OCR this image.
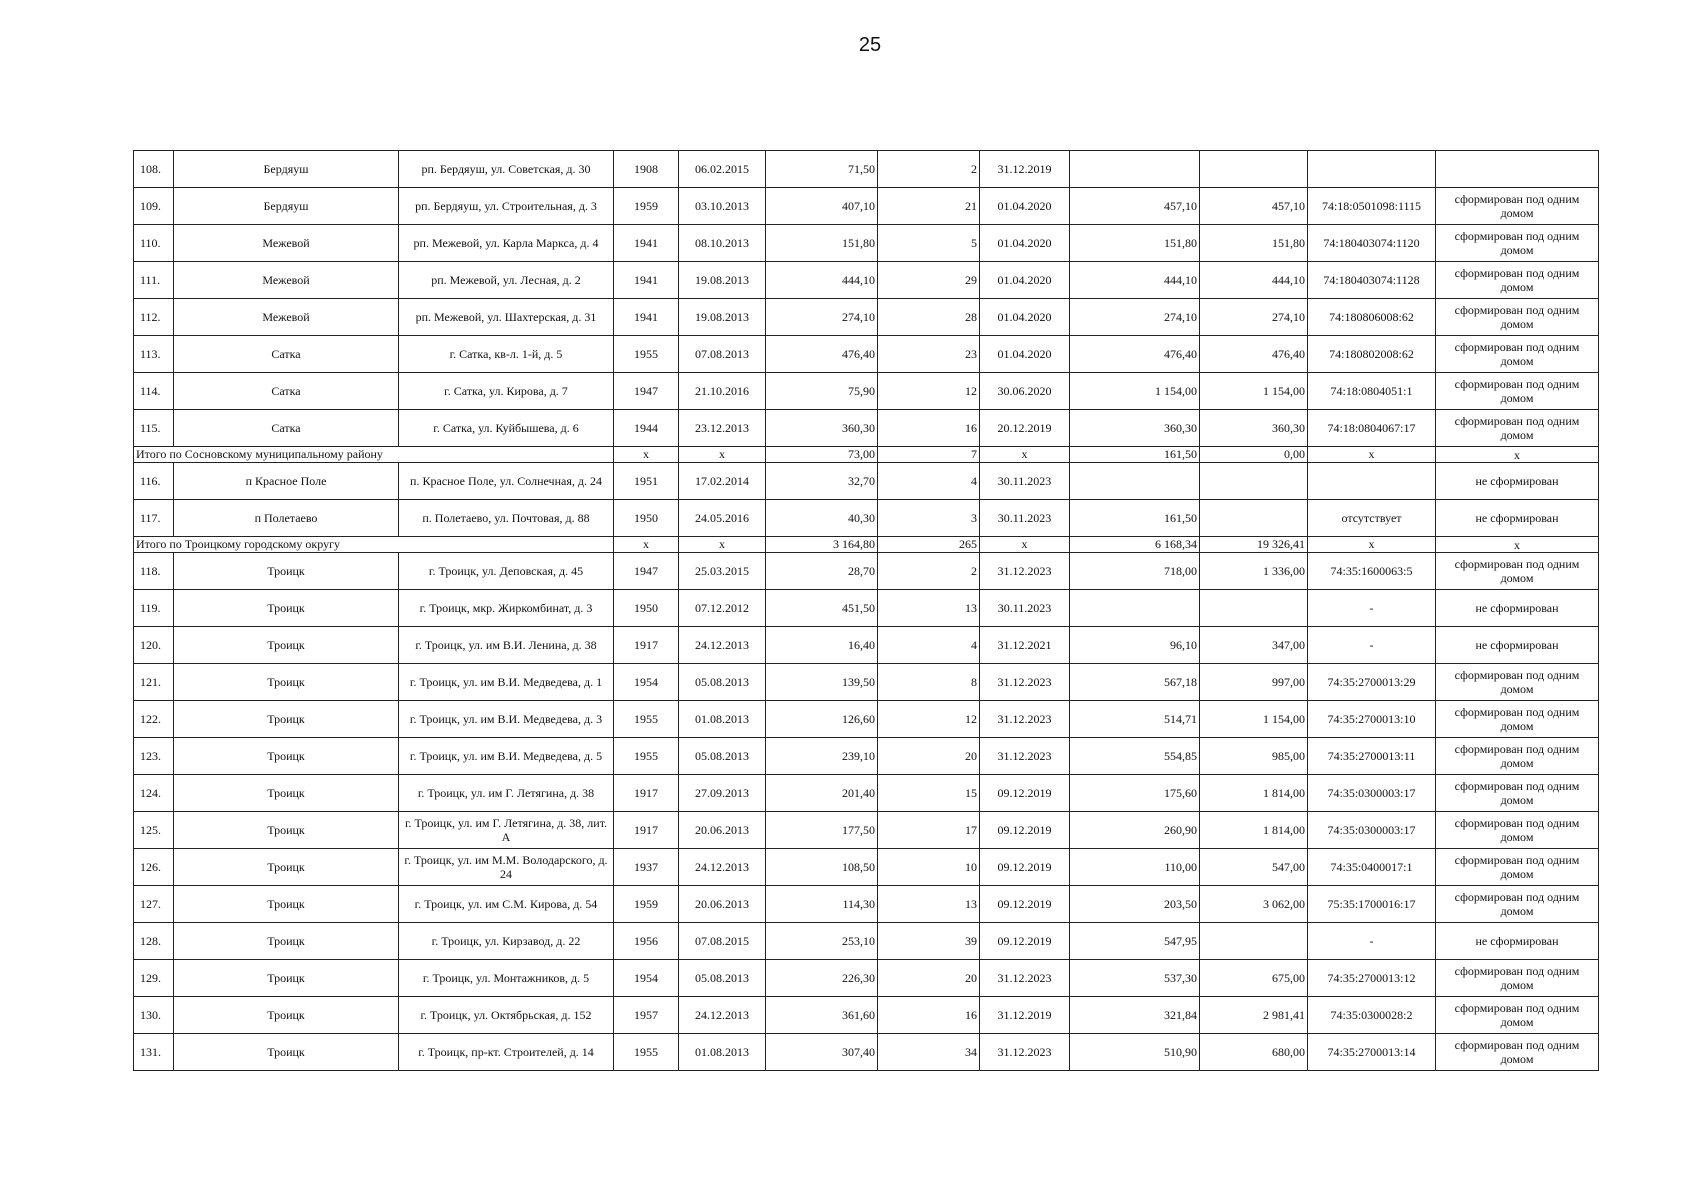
25
108.	Бердяуш	рп. Бердяуш, ул. Советская, д. 30	1908	06.02.2015	71,50	2	31.12.2019				
109.	Бердяуш	рп. Бердяуш, ул. Строительная, д. 3	1959	03.10.2013	407,10	21	01.04.2020	457,10	457,10	74:18:0501098:1115	сформирован под одним домом
110.	Межевой	рп. Межевой, ул. Карла Маркса, д. 4	1941	08.10.2013	151,80	5	01.04.2020	151,80	151,80	74:180403074:1120	сформирован под одним домом
111.	Межевой	рп. Межевой, ул. Лесная, д. 2	1941	19.08.2013	444,10	29	01.04.2020	444,10	444,10	74:180403074:1128	сформирован под одним домом
112.	Межевой	рп. Межевой, ул. Шахтерская, д. 31	1941	19.08.2013	274,10	28	01.04.2020	274,10	274,10	74:180806008:62	сформирован под одним домом
113.	Сатка	г. Сатка, кв-л. 1-й, д. 5	1955	07.08.2013	476,40	23	01.04.2020	476,40	476,40	74:180802008:62	сформирован под одним домом
114.	Сатка	г. Сатка, ул. Кирова, д. 7	1947	21.10.2016	75,90	12	30.06.2020	1 154,00	1 154,00	74:18:0804051:1	сформирован под одним домом
115.	Сатка	г. Сатка, ул. Куйбышева, д. 6	1944	23.12.2013	360,30	16	20.12.2019	360,30	360,30	74:18:0804067:17	сформирован под одним домом
Итого по Сосновскому муниципальному району			x	x	73,00	7	x	161,50	0,00	x	x
116.	п Красное Поле	п. Красное Поле, ул. Солнечная, д. 24	1951	17.02.2014	32,70	4	30.11.2023				не сформирован
117.	п Полетаево	п. Полетаево, ул. Почтовая, д. 88	1950	24.05.2016	40,30	3	30.11.2023	161,50		отсутствует	не сформирован
Итого по Троицкому городскому округу			x	x	3 164,80	265	x	6 168,34	19 326,41	x	x
118.	Троицк	г. Троицк, ул. Деповская, д. 45	1947	25.03.2015	28,70	2	31.12.2023	718,00	1 336,00	74:35:1600063:5	сформирован под одним домом
119.	Троицк	г. Троицк, мкр. Жиркомбинат, д. 3	1950	07.12.2012	451,50	13	30.11.2023			-	не сформирован
120.	Троицк	г. Троицк, ул. им В.И. Ленина, д. 38	1917	24.12.2013	16,40	4	31.12.2021	96,10	347,00	-	не сформирован
121.	Троицк	г. Троицк, ул. им В.И. Медведева, д. 1	1954	05.08.2013	139,50	8	31.12.2023	567,18	997,00	74:35:2700013:29	сформирован под одним домом
122.	Троицк	г. Троицк, ул. им В.И. Медведева, д. 3	1955	01.08.2013	126,60	12	31.12.2023	514,71	1 154,00	74:35:2700013:10	сформирован под одним домом
123.	Троицк	г. Троицк, ул. им В.И. Медведева, д. 5	1955	05.08.2013	239,10	20	31.12.2023	554,85	985,00	74:35:2700013:11	сформирован под одним домом
124.	Троицк	г. Троицк, ул. им Г. Летягина, д. 38	1917	27.09.2013	201,40	15	09.12.2019	175,60	1 814,00	74:35:0300003:17	сформирован под одним домом
125.	Троицк	г. Троицк, ул. им Г. Летягина, д. 38, лит. А	1917	20.06.2013	177,50	17	09.12.2019	260,90	1 814,00	74:35:0300003:17	сформирован под одним домом
126.	Троицк	г. Троицк, ул. им М.М. Володарского, д. 24	1937	24.12.2013	108,50	10	09.12.2019	110,00	547,00	74:35:0400017:1	сформирован под одним домом
127.	Троицк	г. Троицк, ул. им С.М. Кирова, д. 54	1959	20.06.2013	114,30	13	09.12.2019	203,50	3 062,00	75:35:1700016:17	сформирован под одним домом
128.	Троицк	г. Троицк, ул. Кирзавод, д. 22	1956	07.08.2015	253,10	39	09.12.2019	547,95		-	не сформирован
129.	Троицк	г. Троицк, ул. Монтажников, д. 5	1954	05.08.2013	226,30	20	31.12.2023	537,30	675,00	74:35:2700013:12	сформирован под одним домом
130.	Троицк	г. Троицк, ул. Октябрьская, д. 152	1957	24.12.2013	361,60	16	31.12.2019	321,84	2 981,41	74:35:0300028:2	сформирован под одним домом
131.	Троицк	г. Троицк, пр-кт. Строителей, д. 14	1955	01.08.2013	307,40	34	31.12.2023	510,90	680,00	74:35:2700013:14	сформирован под одним домом
